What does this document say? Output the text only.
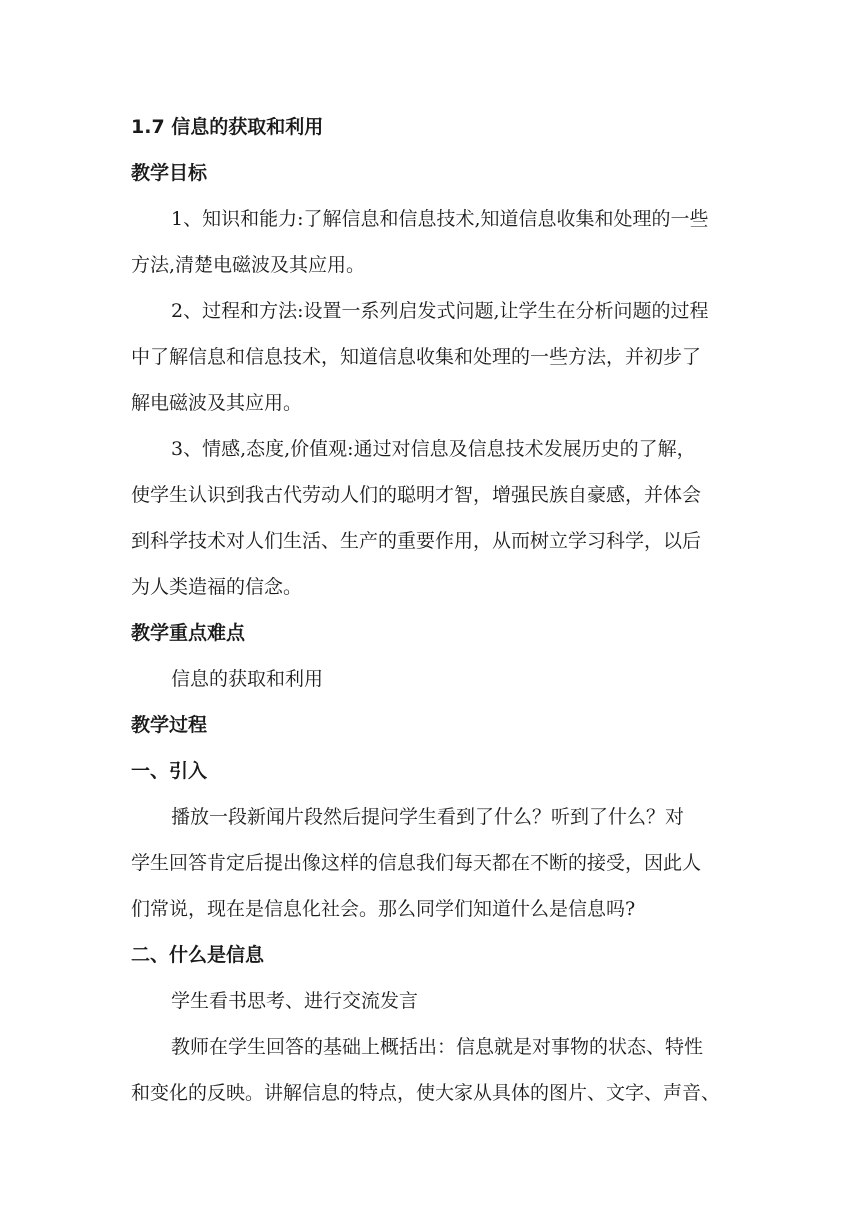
1.7 信息的获取和利用
教学目标
1、知识和能力:了解信息和信息技术,知道信息收集和处理的一些
方法,清楚电磁波及其应用。
2、过程和方法:设置一系列启发式问题,让学生在分析问题的过程
中了解信息和信息技术，知道信息收集和处理的一些方法，并初步了
解电磁波及其应用。
3、情感,态度,价值观:通过对信息及信息技术发展历史的了解，
使学生认识到我古代劳动人们的聪明才智，增强民族自豪感，并体会
到科学技术对人们生活、生产的重要作用，从而树立学习科学，以后
为人类造福的信念。
教学重点难点
信息的获取和利用
教学过程
一、引入
播放一段新闻片段然后提问学生看到了什么？听到了什么？对
学生回答肯定后提出像这样的信息我们每天都在不断的接受，因此人
们常说，现在是信息化社会。那么同学们知道什么是信息吗?
二、什么是信息
学生看书思考、进行交流发言
教师在学生回答的基础上概括出：信息就是对事物的状态、特性
和变化的反映。讲解信息的特点，使大家从具体的图片、文字、声音、
